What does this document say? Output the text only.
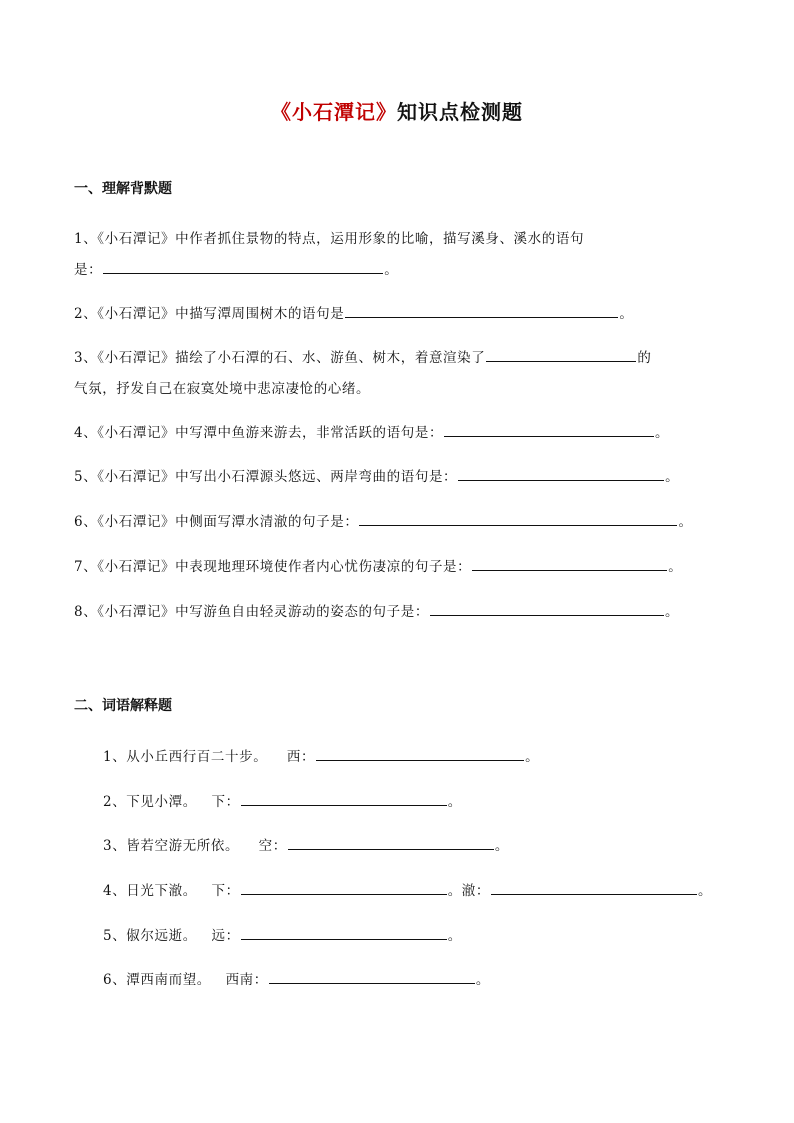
《小石潭记》知识点检测题
一、理解背默题
1、《小石潭记》中作者抓住景物的特点，运用形象的比喻，描写溪身、溪水的语句
是：	。
2、《小石潭记》中描写潭周围树木的语句是	。
3、《小石潭记》描绘了小石潭的石、水、游鱼、树木，着意渲染了	的
气氛，抒发自己在寂寞处境中悲凉凄怆的心绪。
4、《小石潭记》中写潭中鱼游来游去，非常活跃的语句是：	。
5、《小石潭记》中写出小石潭源头悠远、两岸弯曲的语句是：	。
6、《小石潭记》中侧面写潭水清澈的句子是：	。
7、《小石潭记》中表现地理环境使作者内心忧伤凄凉的句子是：	。
8、《小石潭记》中写游鱼自由轻灵游动的姿态的句子是：	。
二、词语解释题
1、从小丘西行百二十步。 西：	。
2、下见小潭。 下：	。
3、皆若空游无所依。 空：	。
4、日光下澈。 下：	。澈：	。
5、俶尔远逝。 远：	。
6、潭西南而望。 西南：	。
